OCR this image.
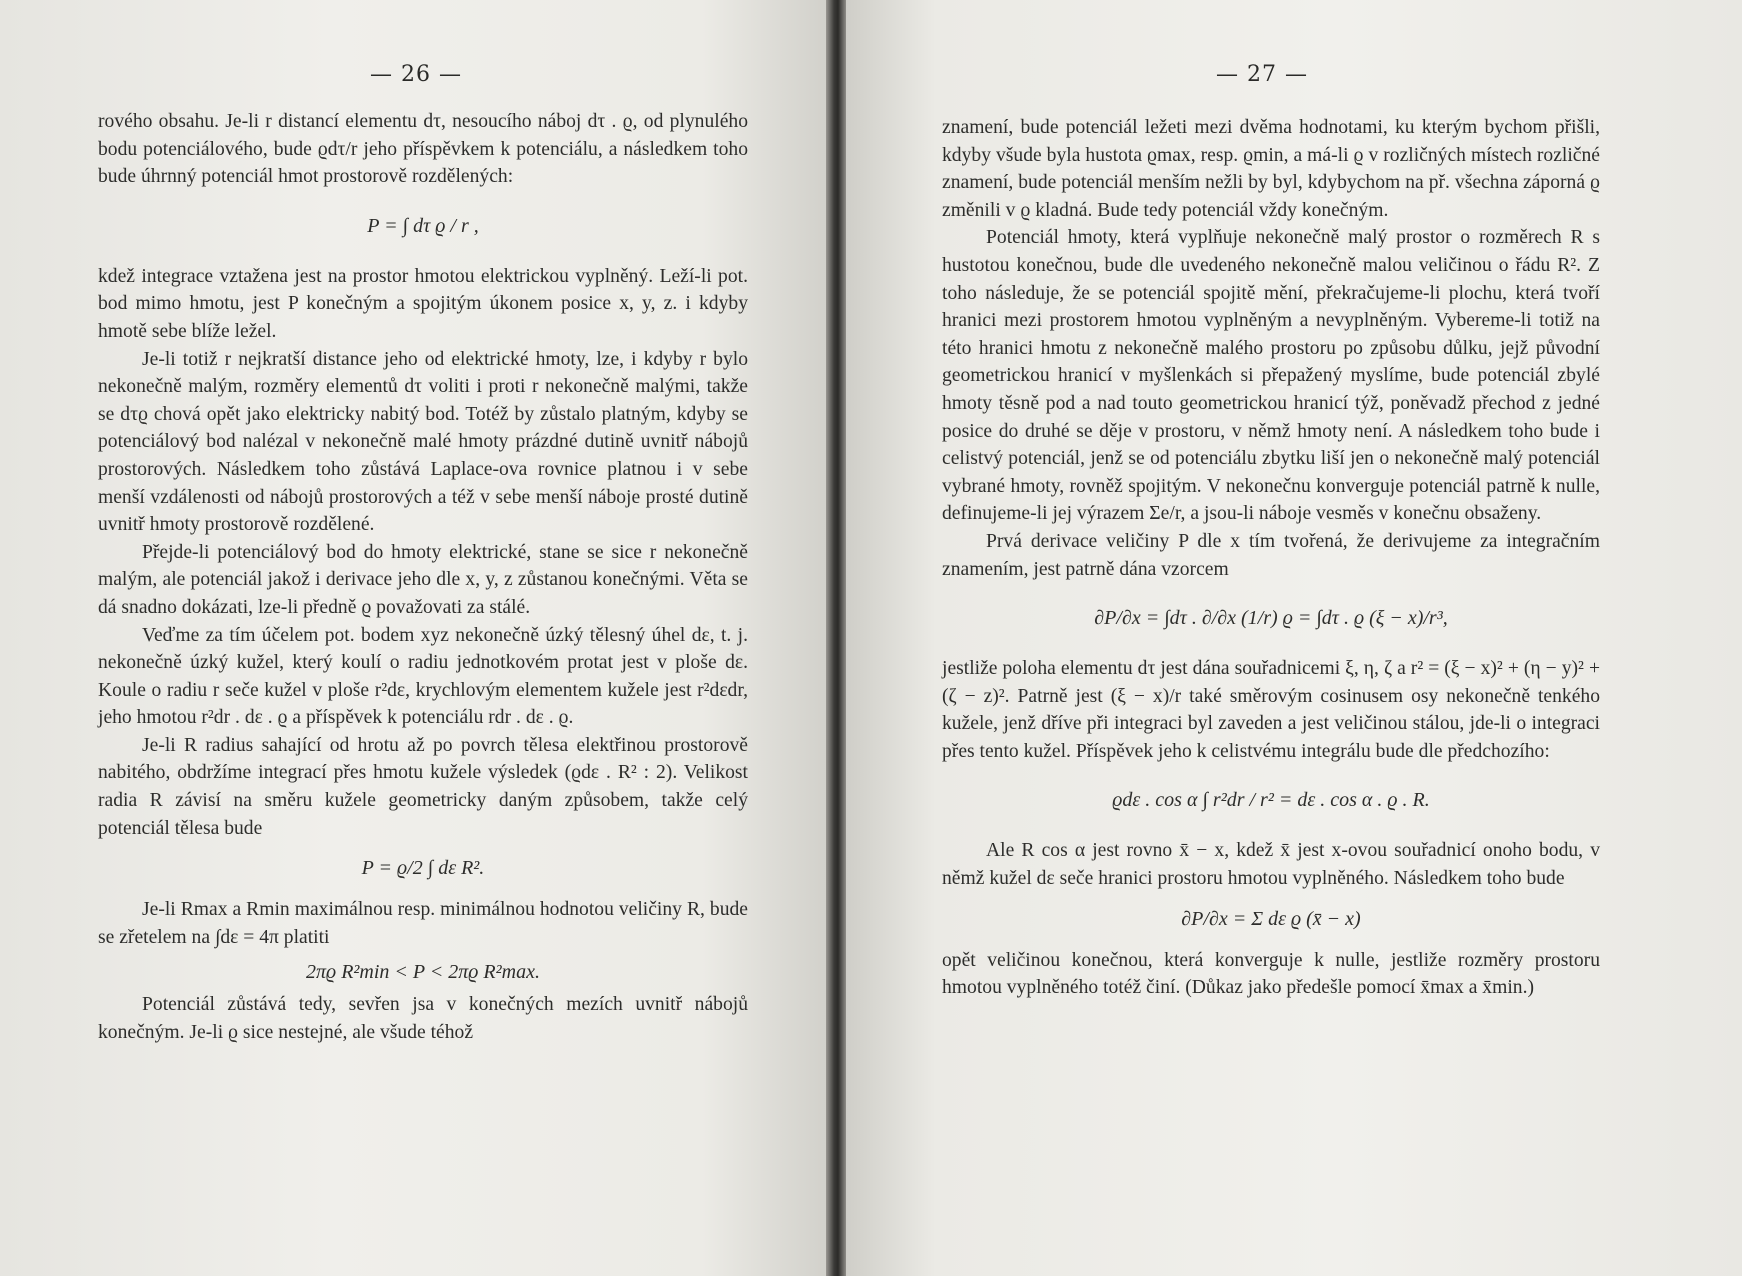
— 26 —

rového obsahu. Je-li r distancí elementu dτ, nesoucího náboj dτ . ϱ, od plynulého bodu potenciálového, bude ϱdτ/r jeho příspěvkem k potenciálu, a následkem toho bude úhrnný potenciál hmot prostorově rozdělených:

P = ∫ dτ ϱ / r ,

kdež integrace vztažena jest na prostor hmotou elektrickou vyplněný. Leží-li pot. bod mimo hmotu, jest P konečným a spojitým úkonem posice x, y, z. i kdyby hmotě sebe blíže ležel.

Je-li totiž r nejkratší distance jeho od elektrické hmoty, lze, i kdyby r bylo nekonečně malým, rozměry elementů dτ voliti i proti r nekonečně malými, takže se dτϱ chová opět jako elektricky nabitý bod. Totéž by zůstalo platným, kdyby se potenciálový bod nalézal v nekonečně malé hmoty prázdné dutině uvnitř nábojů prostorových. Následkem toho zůstává Laplace-ova rovnice platnou i v sebe menší vzdálenosti od nábojů prostorových a též v sebe menší náboje prosté dutině uvnitř hmoty prostorově rozdělené.

Přejde-li potenciálový bod do hmoty elektrické, stane se sice r nekonečně malým, ale potenciál jakož i derivace jeho dle x, y, z zůstanou konečnými. Věta se dá snadno dokázati, lze-li předně ϱ považovati za stálé.

Veďme za tím účelem pot. bodem xyz nekonečně úzký tělesný úhel dε, t. j. nekonečně úzký kužel, který koulí o radiu jednotkovém protat jest v ploše dε. Koule o radiu r seče kužel v ploše r²dε, krychlovým elementem kužele jest r²dεdr, jeho hmotou r²dr . dε . ϱ a příspěvek k potenciálu rdr . dε . ϱ.

Je-li R radius sahající od hrotu až po povrch tělesa elektřinou prostorově nabitého, obdržíme integrací přes hmotu kužele výsledek (ϱdε . R² : 2). Velikost radia R závisí na směru kužele geometricky daným způsobem, takže celý potenciál tělesa bude

P = ϱ/2 ∫ dε R².

Je-li Rmax a Rmin maximálnou resp. minimálnou hodnotou veličiny R, bude se zřetelem na ∫dε = 4π platiti

2πϱ R²min < P < 2πϱ R²max.

Potenciál zůstává tedy, sevřen jsa v konečných mezích uvnitř nábojů konečným. Je-li ϱ sice nestejné, ale všude téhož

— 27 —

znamení, bude potenciál ležeti mezi dvěma hodnotami, ku kterým bychom přišli, kdyby všude byla hustota ϱmax, resp. ϱmin, a má-li ϱ v rozličných místech rozličné znamení, bude potenciál menším nežli by byl, kdybychom na př. všechna záporná ϱ změnili v ϱ kladná. Bude tedy potenciál vždy konečným.

Potenciál hmoty, která vyplňuje nekonečně malý prostor o rozměrech R s hustotou konečnou, bude dle uvedeného nekonečně malou veličinou o řádu R². Z toho následuje, že se potenciál spojitě mění, překračujeme-li plochu, která tvoří hranici mezi prostorem hmotou vyplněným a nevyplněným. Vybereme-li totiž na této hranici hmotu z nekonečně malého prostoru po způsobu důlku, jejž původní geometrickou hranicí v myšlenkách si přepažený myslíme, bude potenciál zbylé hmoty těsně pod a nad touto geometrickou hranicí týž, poněvadž přechod z jedné posice do druhé se děje v prostoru, v němž hmoty není. A následkem toho bude i celistvý potenciál, jenž se od potenciálu zbytku liší jen o nekonečně malý potenciál vybrané hmoty, rovněž spojitým. V nekonečnu konverguje potenciál patrně k nulle, definujeme-li jej výrazem Σe/r, a jsou-li náboje vesměs v konečnu obsaženy.

Prvá derivace veličiny P dle x tím tvořená, že derivujeme za integračním znamením, jest patrně dána vzorcem

∂P/∂x = ∫dτ . ∂/∂x (1/r) ϱ = ∫dτ . ϱ (ξ − x)/r³,

jestliže poloha elementu dτ jest dána souřadnicemi ξ, η, ζ a r² = (ξ − x)² + (η − y)² + (ζ − z)². Patrně jest (ξ − x)/r také směrovým cosinusem osy nekonečně tenkého kužele, jenž dříve při integraci byl zaveden a jest veličinou stálou, jde-li o integraci přes tento kužel. Příspěvek jeho k celistvému integrálu bude dle předchozího:

ϱdε . cos α ∫ r²dr / r² = dε . cos α . ϱ . R.

Ale R cos α jest rovno x̄ − x, kdež x̄ jest x-ovou souřadnicí onoho bodu, v němž kužel dε seče hranici prostoru hmotou vyplněného. Následkem toho bude

∂P/∂x = Σ dε ϱ (x̄ − x)

opět veličinou konečnou, která konverguje k nulle, jestliže rozměry prostoru hmotou vyplněného totéž činí. (Důkaz jako předešle pomocí x̄max a x̄min.)
